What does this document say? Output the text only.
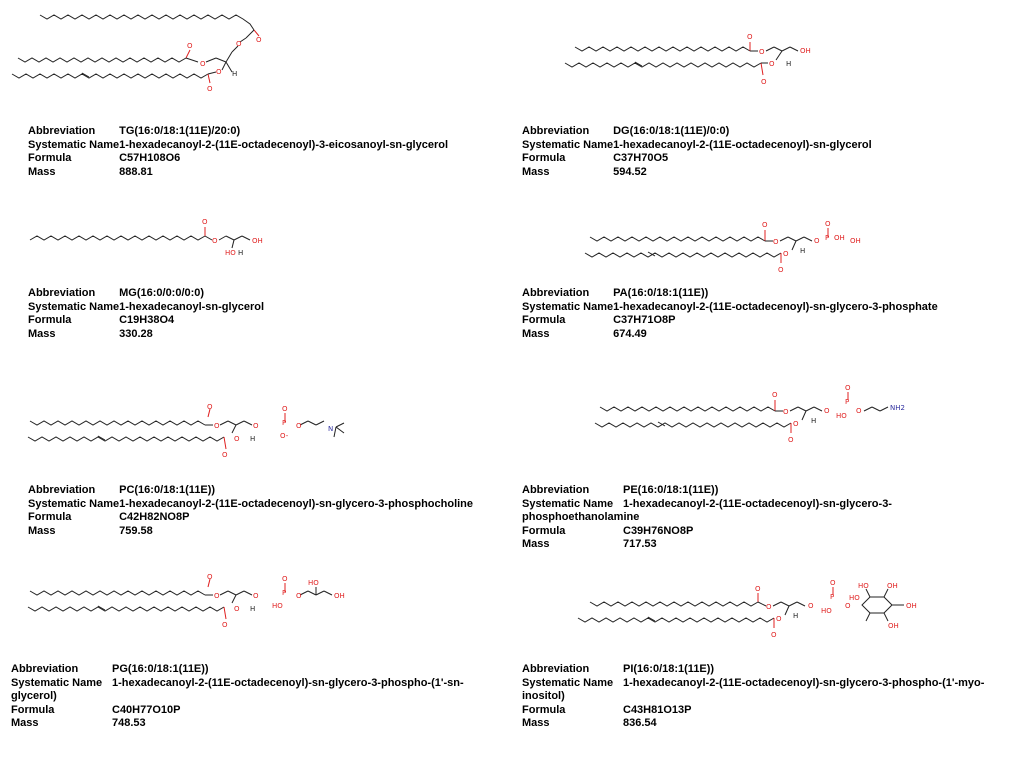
O
O
O
O
O
O
H
Abbreviation	TG(16:0/18:1(11E)/20:0)
Systematic Name	1-hexadecanoyl-2-(11E-octadecenoyl)-3-eicosanoyl-sn-glycerol
Formula	C57H108O6
Mass	888.81
O
O	OH
O
O
H
Abbreviation	DG(16:0/18:1(11E)/0:0)
Systematic Name	1-hexadecanoyl-2-(11E-octadecenoyl)-sn-glycerol
Formula	C37H70O5
Mass	594.52
O
O	OH
HO H
Abbreviation	MG(16:0/0:0/0:0)
Systematic Name	1-hexadecanoyl-sn-glycerol
Formula	C19H38O4
Mass	330.28
O
O	O
O
P OH OH
O
O
H
Abbreviation	PA(16:0/18:1(11E))
Systematic Name	1-hexadecanoyl-2-(11E-octadecenoyl)-sn-glycero-3-phosphate
Formula	C37H71O8P
Mass	674.49
O
O	O
O
P
O-
O
O
O
N
H
Abbreviation	PC(16:0/18:1(11E))
Systematic Name	1-hexadecanoyl-2-(11E-octadecenoyl)-sn-glycero-3-phosphocholine
Formula	C42H82NO8P
Mass	759.58
O
O	O
O
P
HO
O
O
O
NH2
H
Abbreviation	PE(16:0/18:1(11E))
Systematic Name 1-hexadecanoyl-2-(11E-octadecenoyl)-sn-glycero-3-phosphoethanolamine
Formula	C39H76NO8P
Mass	717.53
O
O	O
O
P
HO
O
HO
OH
O
O
H
Abbreviation	PG(16:0/18:1(11E))
Systematic Name 1-hexadecanoyl-2-(11E-octadecenoyl)-sn-glycero-3-phospho-(1'-sn-glycerol)
Formula	C40H77O10P
Mass	748.53
O
O	O
O
P
HO
O
HO
HO	OH
OH
OH
O
O
H
Abbreviation	PI(16:0/18:1(11E))
Systematic Name 1-hexadecanoyl-2-(11E-octadecenoyl)-sn-glycero-3-phospho-(1'-myo-inositol)
Formula	C43H81O13P
Mass	836.54
